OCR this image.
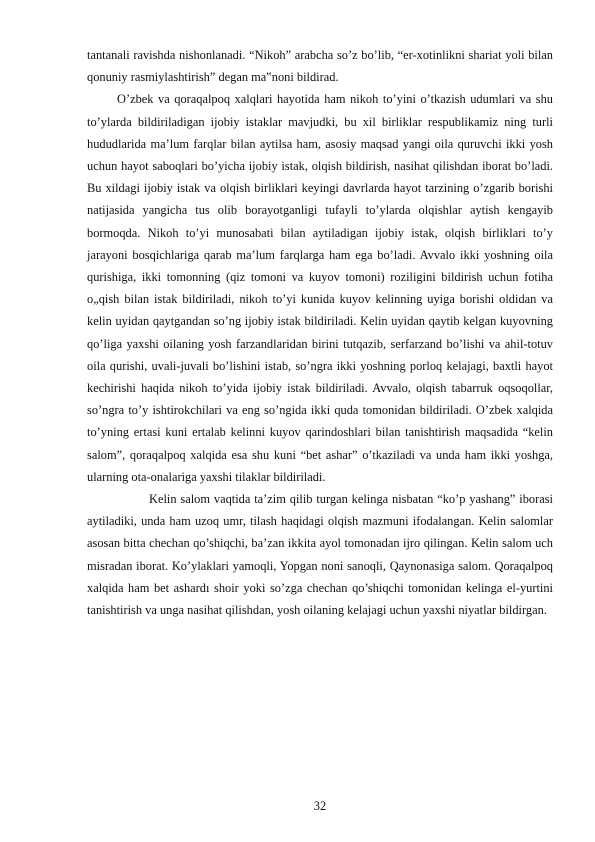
tantanali ravishda nishonlanadi. “Nikoh” arabcha so’z bo’lib, “er-xotinlikni shariat yoli bilan qonuniy rasmiylashtirish” degan ma‟noni bildirad.

O’zbek va qoraqalpoq xalqlari hayotida ham nikoh to’yini o’tkazish udumlari va shu to’ylarda bildiriladigan ijobiy istaklar mavjudki, bu xil birliklar respublikamiz ning turli hududlarida ma’lum farqlar bilan aytilsa ham, asosiy maqsad yangi oila quruvchi ikki yosh uchun hayot saboqlari bo’yicha ijobiy istak, olqish bildirish, nasihat qilishdan iborat bo’ladi. Bu xildagi ijobiy istak va olqish birliklari keyingi davrlarda hayot tarzining o’zgarib borishi natijasida yangicha tus olib borayotganligi tufayli to’ylarda olqishlar aytish kengayib bormoqda. Nikoh to’yi munosabati bilan aytiladigan ijobiy istak, olqish birliklari to’y jarayoni bosqichlariga qarab ma’lum farqlarga ham ega bo’ladi. Avvalo ikki yoshning oila qurishiga, ikki tomonning (qiz tomoni va kuyov tomoni) roziligini bildirish uchun fotiha o„qish bilan istak bildiriladi, nikoh to’yi kunida kuyov kelinning uyiga borishi oldidan va kelin uyidan qaytgandan so’ng ijobiy istak bildiriladi. Kelin uyidan qaytib kelgan kuyovning qo’liga yaxshi oilaning yosh farzandlaridan birini tutqazib, serfarzand bo’lishi va ahil-totuv oila qurishi, uvali-juvali bo’lishini istab, so’ngra ikki yoshning porloq kelajagi, baxtli hayot kechirishi haqida nikoh to’yida ijobiy istak bildiriladi. Avvalo, olqish tabarruk oqsoqollar, so’ngra to’y ishtirokchilari va eng so’ngida ikki quda tomonidan bildiriladi. O’zbek xalqida to’yning ertasi kuni ertalab kelinni kuyov qarindoshlari bilan tanishtirish maqsadida “kelin salom”, qoraqalpoq xalqida esa shu kuni “bet ashar” o’tkaziladi va unda ham ikki yoshga, ularning ota-onalariga yaxshi tilaklar bildiriladi.

Kelin salom vaqtida ta’zim qilib turgan kelinga nisbatan “ko’p yashang” iborasi aytiladiki, unda ham uzoq umr, tilash haqidagi olqish mazmuni ifodalangan. Kelin salomlar asosan bitta chechan qo’shiqchi, ba’zan ikkita ayol tomonadan ijro qilingan. Kelin salom uch misradan iborat. Ko’ylaklari yamoqli, Yopgan noni sanoqli, Qaynonasiga salom. Qoraqalpoq xalqida ham bet ashardı shoir yoki so’zga chechan qo’shiqchi tomonidan kelinga el-yurtini tanishtirish va unga nasihat qilishdan, yosh oilaning kelajagi uchun yaxshi niyatlar bildirgan.

32
